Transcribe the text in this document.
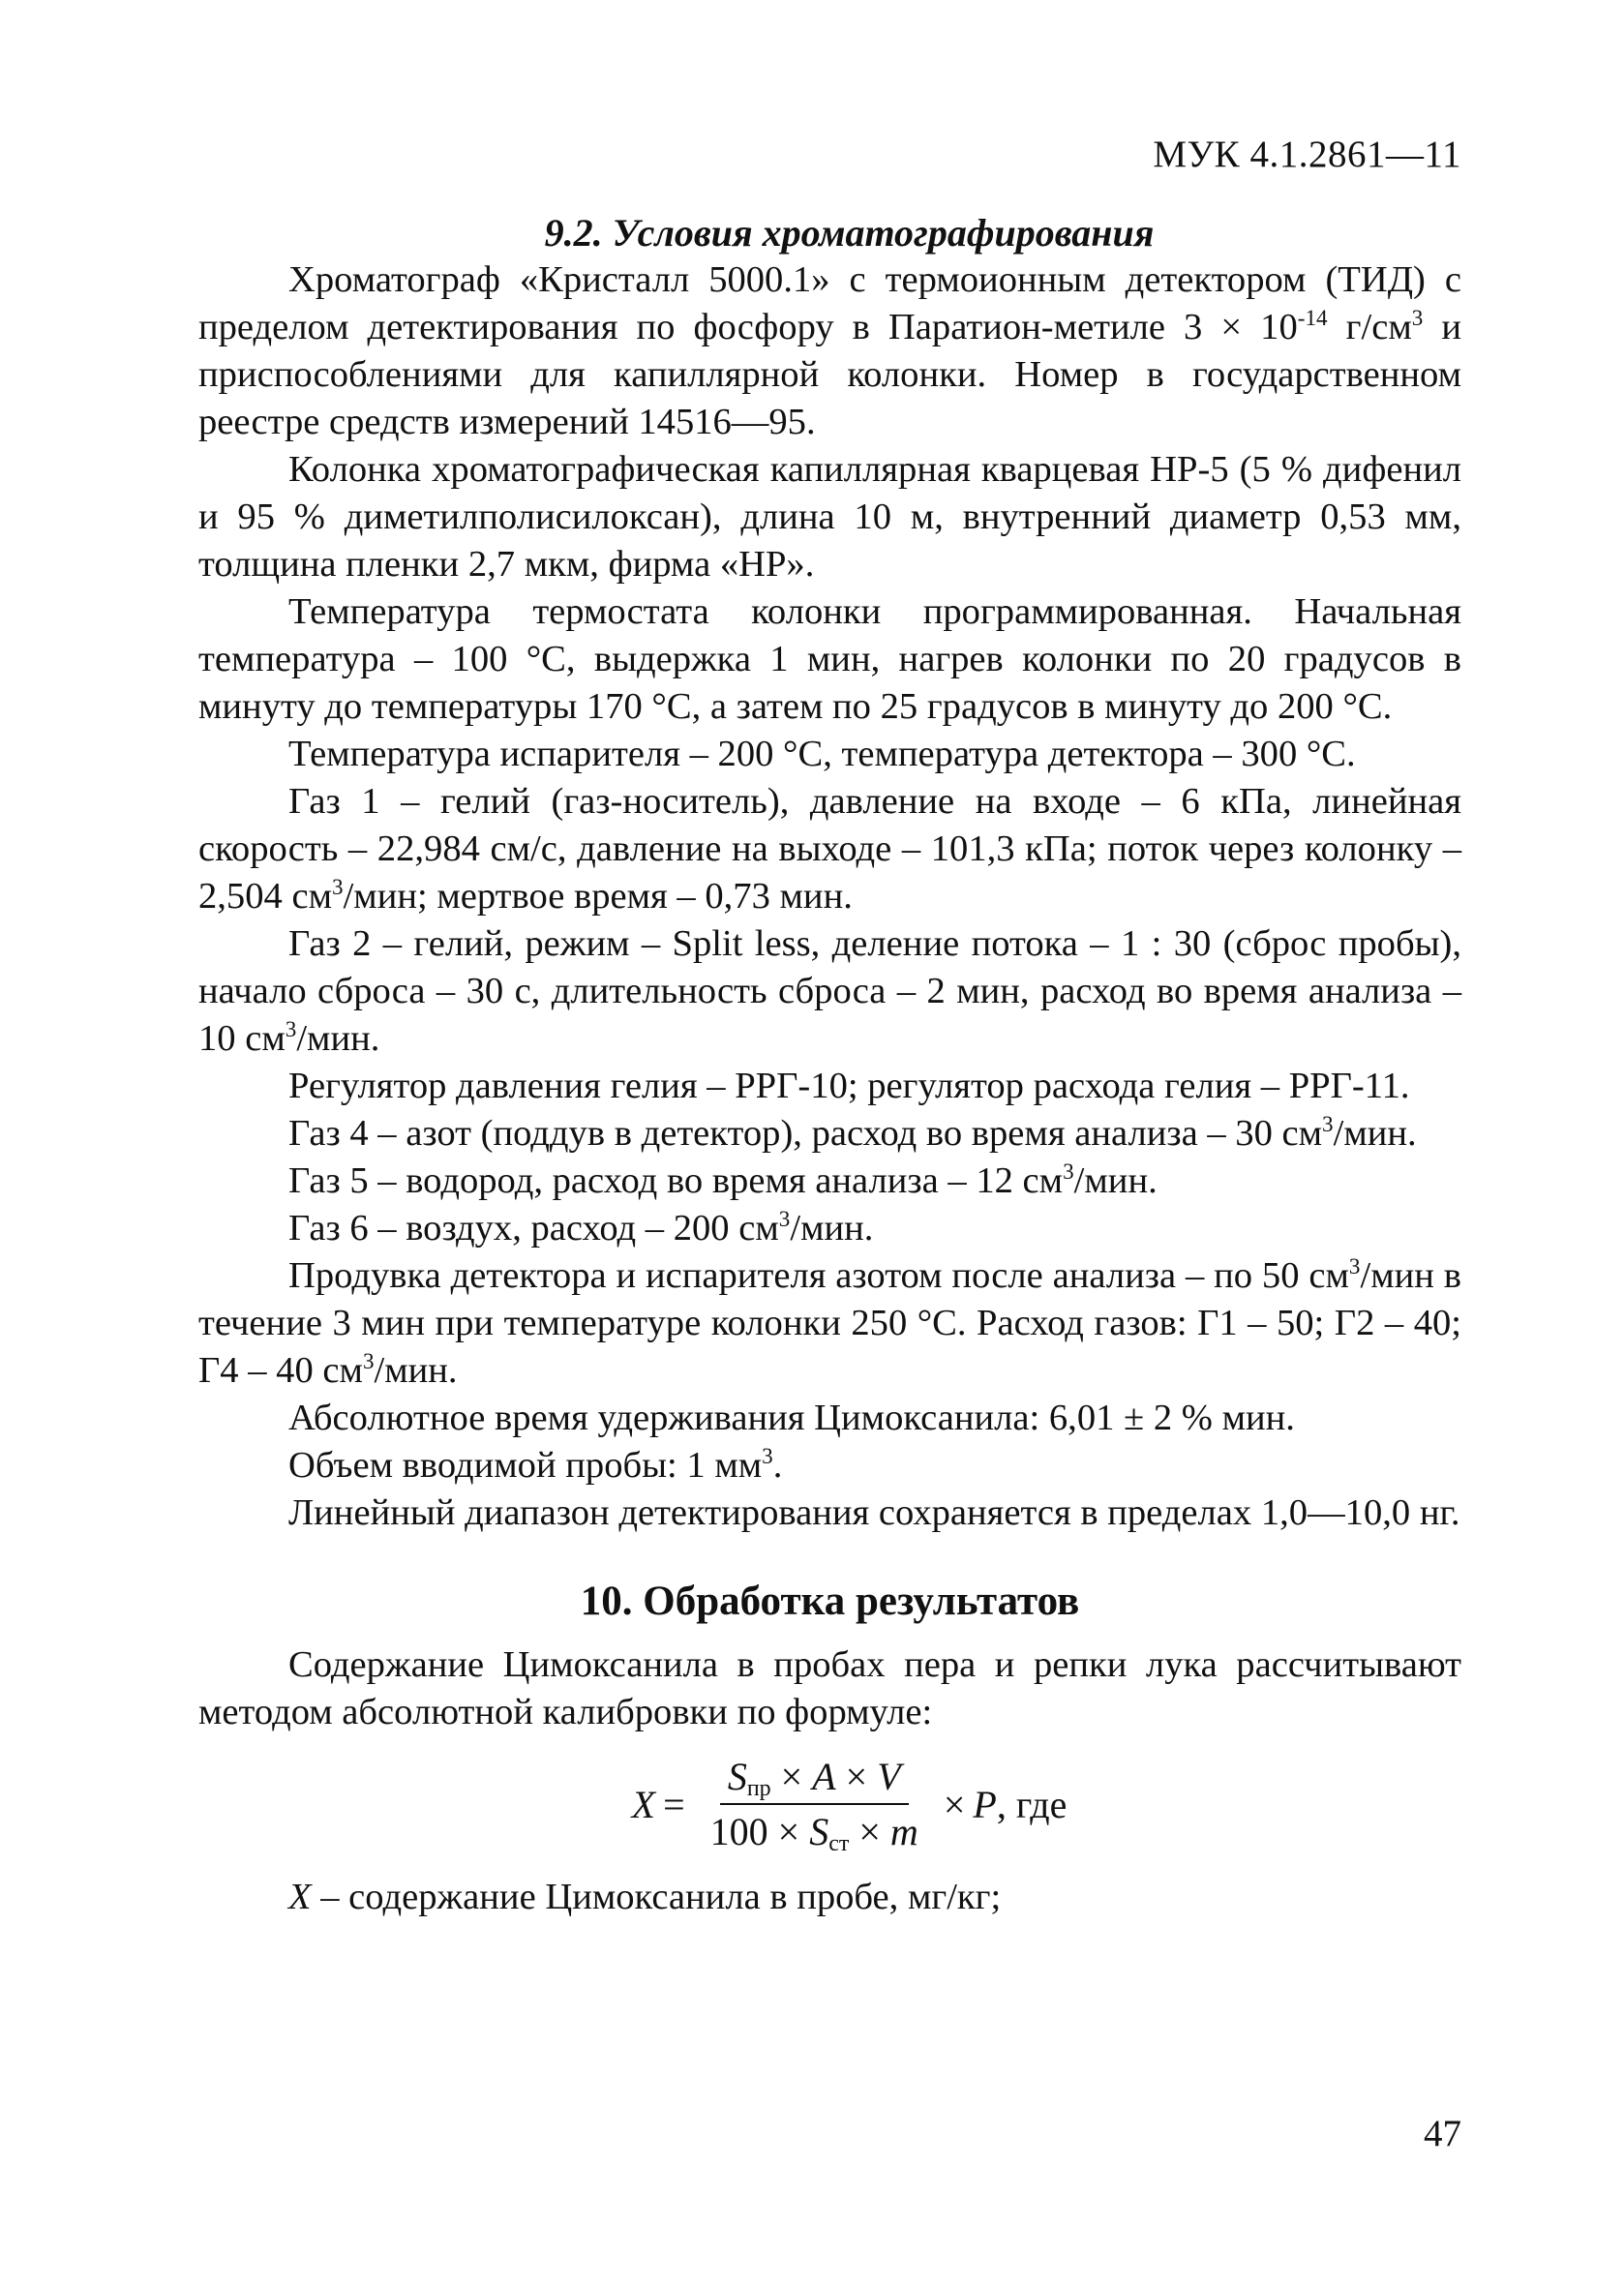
МУК 4.1.2861—11
9.2. Условия хроматографирования

Хроматограф «Кристалл 5000.1» с термоионным детектором (ТИД) с пределом детектирования по фосфору в Паратион-метиле $3 \times 10^{-14}$ $г/см^3$ и приспособлениями для капиллярной колонки. Номер в государственном реестре средств измерений 14516—95.

Колонка хроматографическая капиллярная кварцевая HP-5 (5 % дифенил и 95 % диметилполисилоксан), длина 10 м, внутренний диаметр 0,53 мм, толщина пленки 2,7 мкм, фирма «HP».

Температура термостата колонки программированная. Начальная температура – 100 °С, выдержка 1 мин, нагрев колонки по 20 градусов в минуту до температуры 170 °С, а затем по 25 градусов в минуту до 200 °С.

Температура испарителя – 200 °С, температура детектора – 300 °С.

Газ 1 – гелий (газ-носитель), давление на входе – 6 кПа, линейная скорость – 22,984 см/с, давление на выходе – 101,3 кПа; поток через колонку – 2,504 $см^3$/мин; мертвое время – 0,73 мин.

Газ 2 – гелий, режим – Split less, деление потока – 1 : 30 (сброс пробы), начало сброса – 30 с, длительность сброса – 2 мин, расход во время анализа – 10 $см^3$/мин.

Регулятор давления гелия – РРГ-10; регулятор расхода гелия – РРГ-11.

Газ 4 – азот (поддув в детектор), расход во время анализа – 30 $см^3$/мин.

Газ 5 – водород, расход во время анализа – 12 $см^3$/мин.

Газ 6 – воздух, расход – 200 $см^3$/мин.

Продувка детектора и испарителя азотом после анализа – по 50 $см^3$/мин в течение 3 мин при температуре колонки 250 °С. Расход газов: Г1 – 50; Г2 – 40; Г4 – 40 $см^3$/мин.

Абсолютное время удерживания Цимоксанила: 6,01 ± 2 % мин.

Объем вводимой пробы: 1 $мм^3$.

Линейный диапазон детектирования сохраняется в пределах 1,0—10,0 нг.

10. Обработка результатов

Содержание Цимоксанила в пробах пера и репки лука рассчитывают методом абсолютной калибровки по формуле:

$X = \frac{S_{пр} \times A \times V}{100 \times S_{ст} \times m} \times P$ , где

X – содержание Цимоксанила в пробе, мг/кг;

47
